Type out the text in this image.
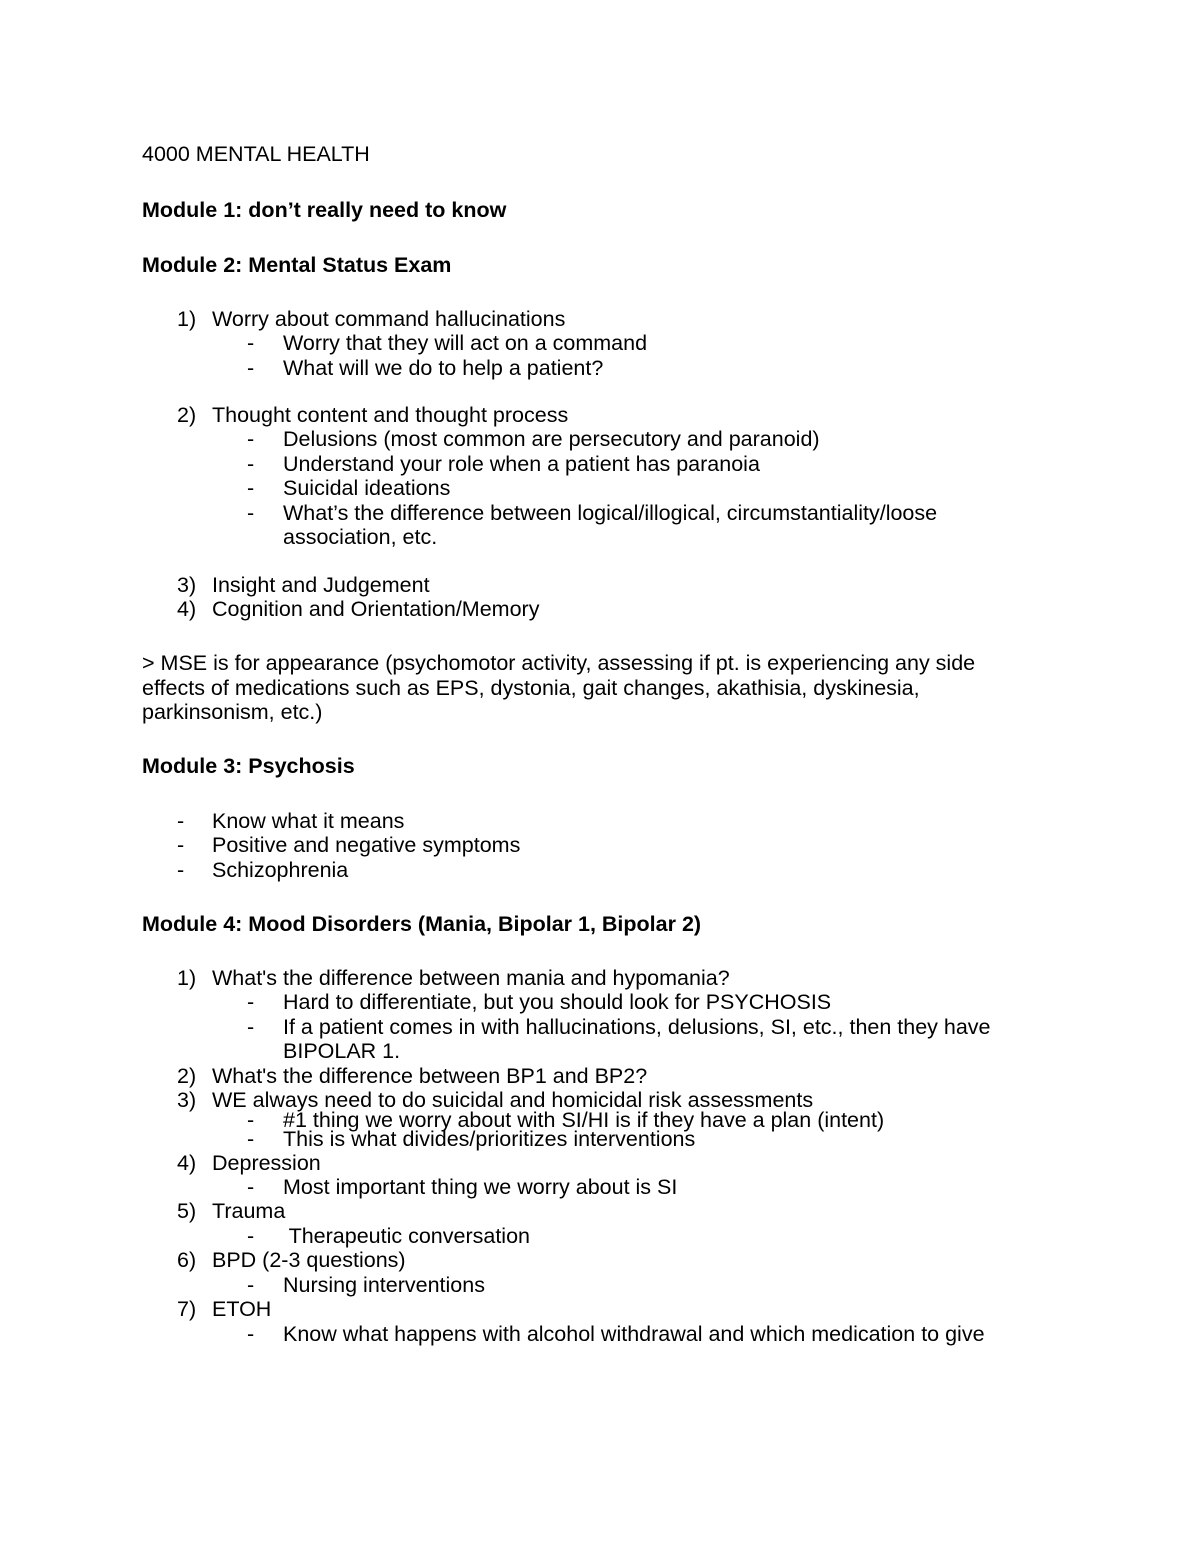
4000 MENTAL HEALTH
Module 1: don’t really need to know
Module 2: Mental Status Exam
1) Worry about command hallucinations
- Worry that they will act on a command
- What will we do to help a patient?
2) Thought content and thought process
- Delusions (most common are persecutory and paranoid)
- Understand your role when a patient has paranoia
- Suicidal ideations
- What’s the difference between logical/illogical, circumstantiality/loose
association, etc.
3) Insight and Judgement
4) Cognition and Orientation/Memory
> MSE is for appearance (psychomotor activity, assessing if pt. is experiencing any side
effects of medications such as EPS, dystonia, gait changes, akathisia, dyskinesia,
parkinsonism, etc.)
Module 3: Psychosis
- Know what it means
- Positive and negative symptoms
- Schizophrenia
Module 4: Mood Disorders (Mania, Bipolar 1, Bipolar 2)
1) What's the difference between mania and hypomania?
- Hard to differentiate, but you should look for PSYCHOSIS
- If a patient comes in with hallucinations, delusions, SI, etc., then they have
BIPOLAR 1.
2) What's the difference between BP1 and BP2?
3) WE always need to do suicidal and homicidal risk assessments
- #1 thing we worry about with SI/HI is if they have a plan (intent)
- This is what divides/prioritizes interventions
4) Depression
- Most important thing we worry about is SI
5) Trauma
- Therapeutic conversation
6) BPD (2-3 questions)
- Nursing interventions
7) ETOH
- Know what happens with alcohol withdrawal and which medication to give
